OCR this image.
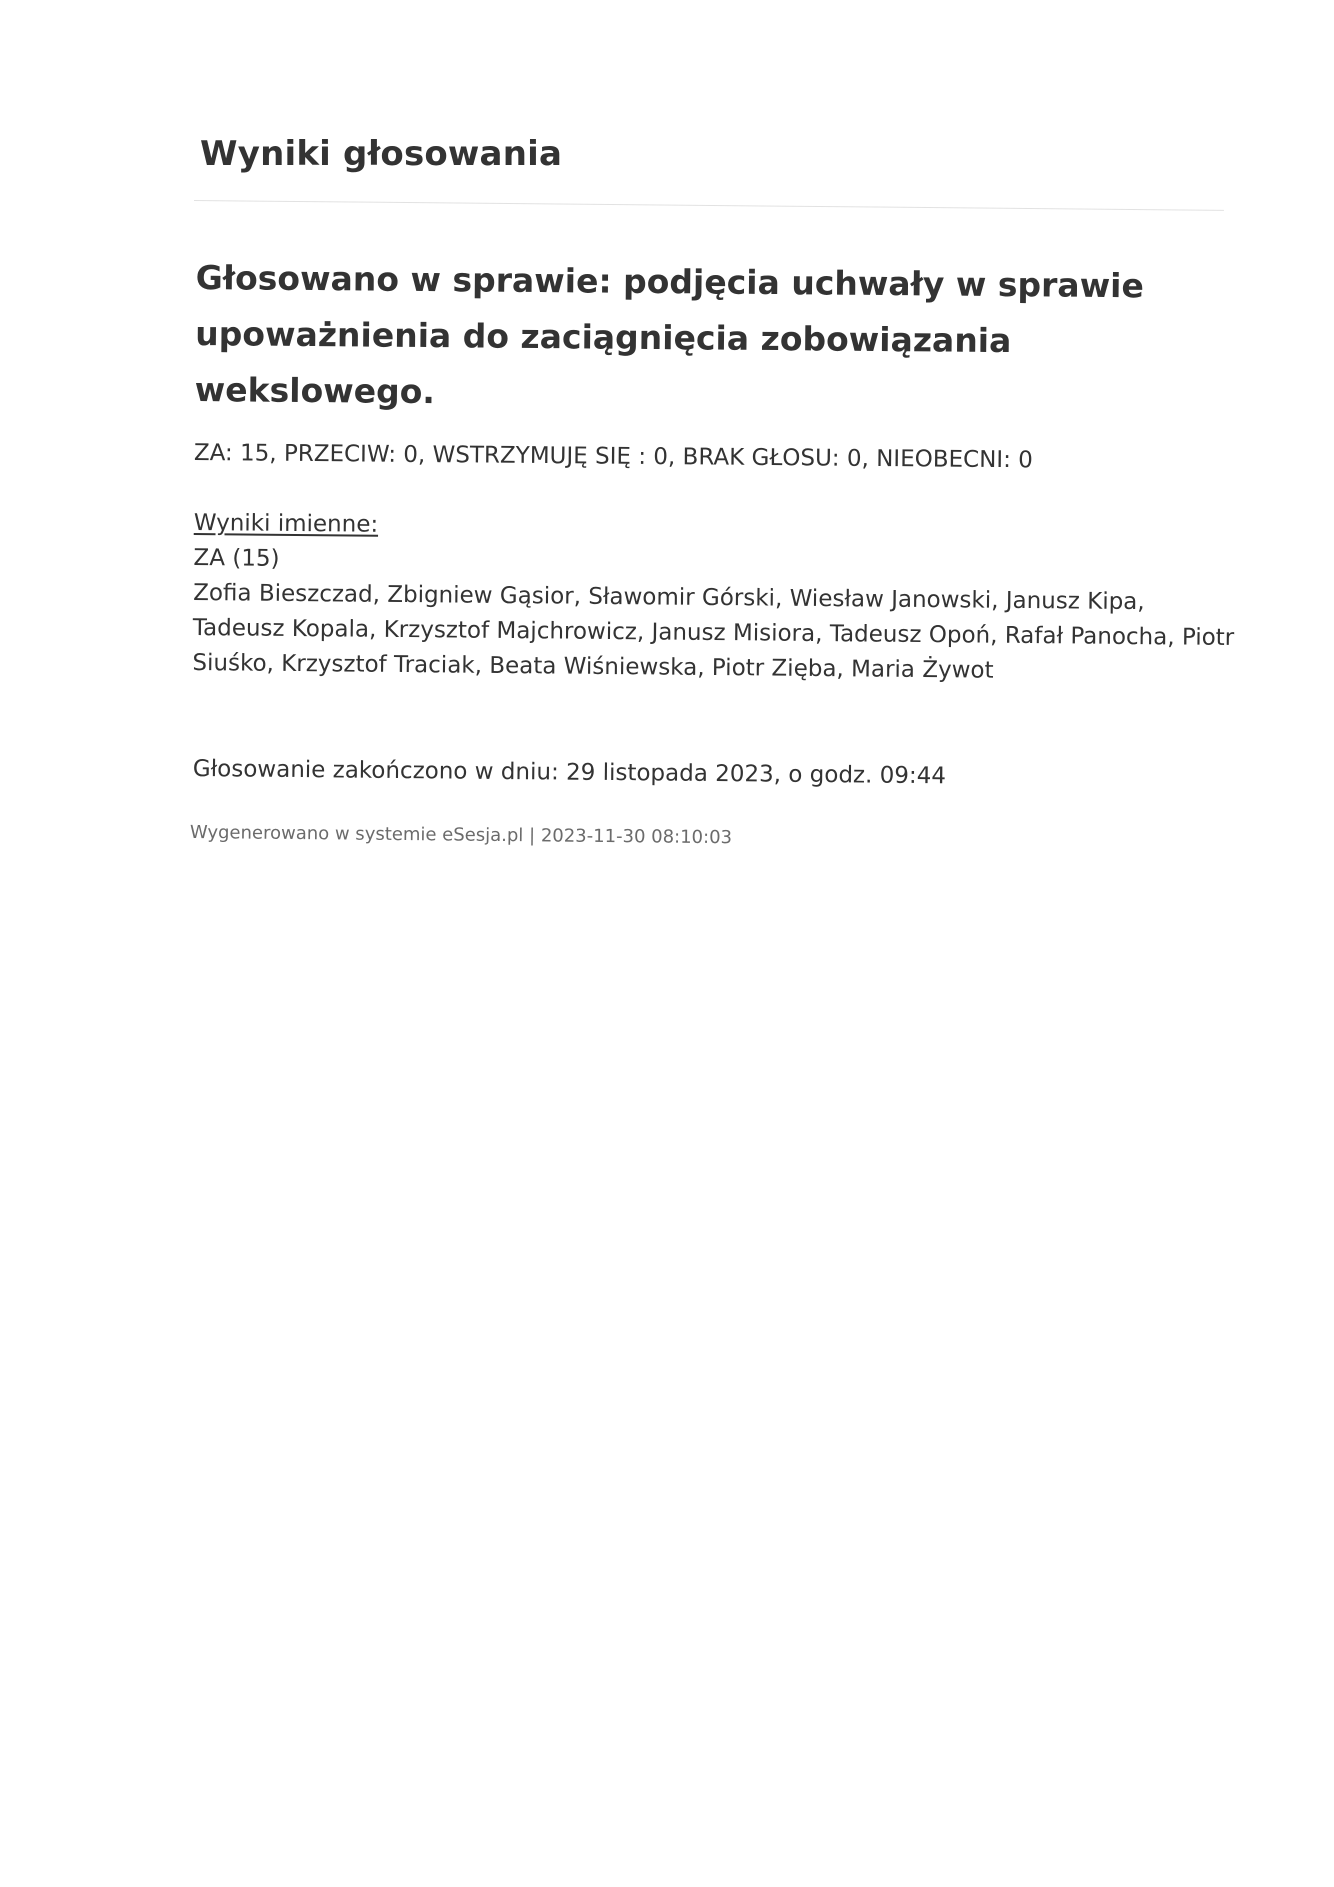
Wyniki głosowania
Głosowano w sprawie: podjęcia uchwały w sprawie upoważnienia do zaciągnięcia zobowiązania wekslowego.

ZA: 15, PRZECIW: 0, WSTRZYMUJĘ SIĘ : 0, BRAK GŁOSU: 0, NIEOBECNI: 0

Wyniki imienne:
ZA (15)
Zofia Bieszczad, Zbigniew Gąsior, Sławomir Górski, Wiesław Janowski, Janusz Kipa, Tadeusz Kopala, Krzysztof Majchrowicz, Janusz Misiora, Tadeusz Opoń, Rafał Panocha, Piotr Siuśko, Krzysztof Traciak, Beata Wiśniewska, Piotr Zięba, Maria Żywot

Głosowanie zakończono w dniu: 29 listopada 2023, o godz. 09:44

Wygenerowano w systemie eSesja.pl | 2023-11-30 08:10:03
